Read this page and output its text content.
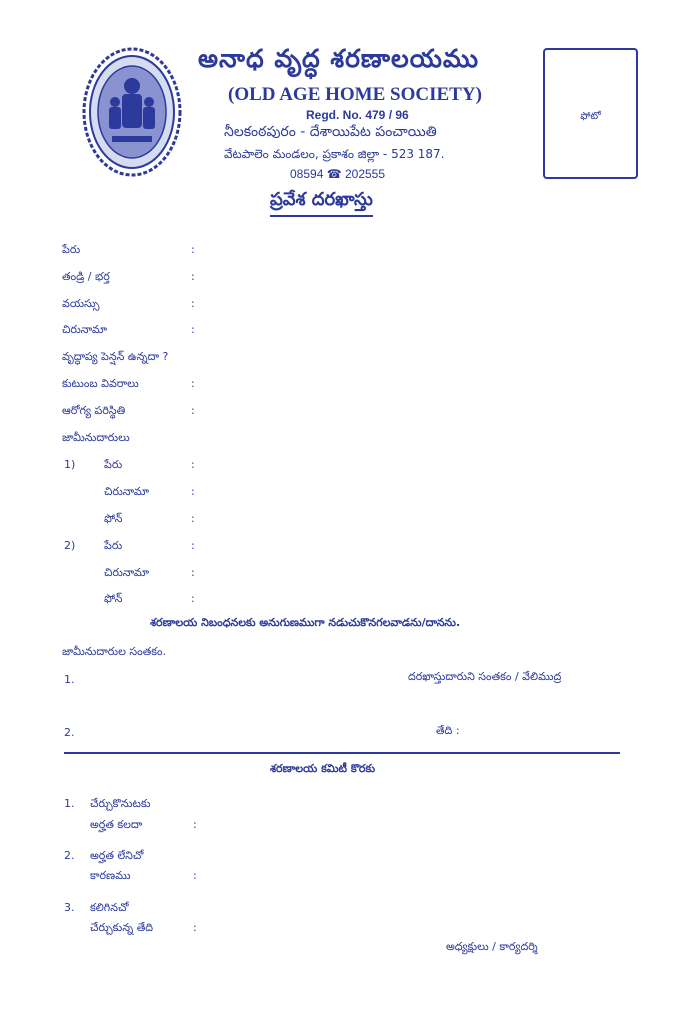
అనాధ వృద్ధ శరణాలయము
(OLD AGE HOME SOCIETY)
Regd. No. 479 / 96
నీలకంఠపురం - దేశాయిపేట పంచాయితి
వేటపాలెం మండలం, ప్రకాశం జిల్లా - 523 187.
08594 ☎ 202555
ఫోటో
ప్రవేశ దరఖాస్తు
పేరు	:
తండ్రి / భర్త	:
వయస్సు	:
చిరునామా	:
వృద్ధాప్య పెన్షన్ ఉన్నదా ?
కుటుంబ వివరాలు	:
ఆరోగ్య పరిస్థితి	:
జామీనుదారులు
1)	పేరు	:
చిరునామా	:
ఫోన్	:
2)	పేరు	:
చిరునామా	:
ఫోన్	:
శరణాలయ నిబంధనలకు అనుగుణముగా నడుచుకొనగలవాడను/దానను.
జామీనుదారుల సంతకం.
1.	దరఖాస్తుదారుని సంతకం / వేలిముద్ర
2.	తేది :
శరణాలయ కమిటీ కొరకు
1. చేర్చుకొనుటకు
అర్హత కలదా	:
2. అర్హత లేనిచో
కారణము	:
3. కలిగినచో
చేర్చుకున్న తేది	:
అధ్యక్షులు / కార్యదర్శి
